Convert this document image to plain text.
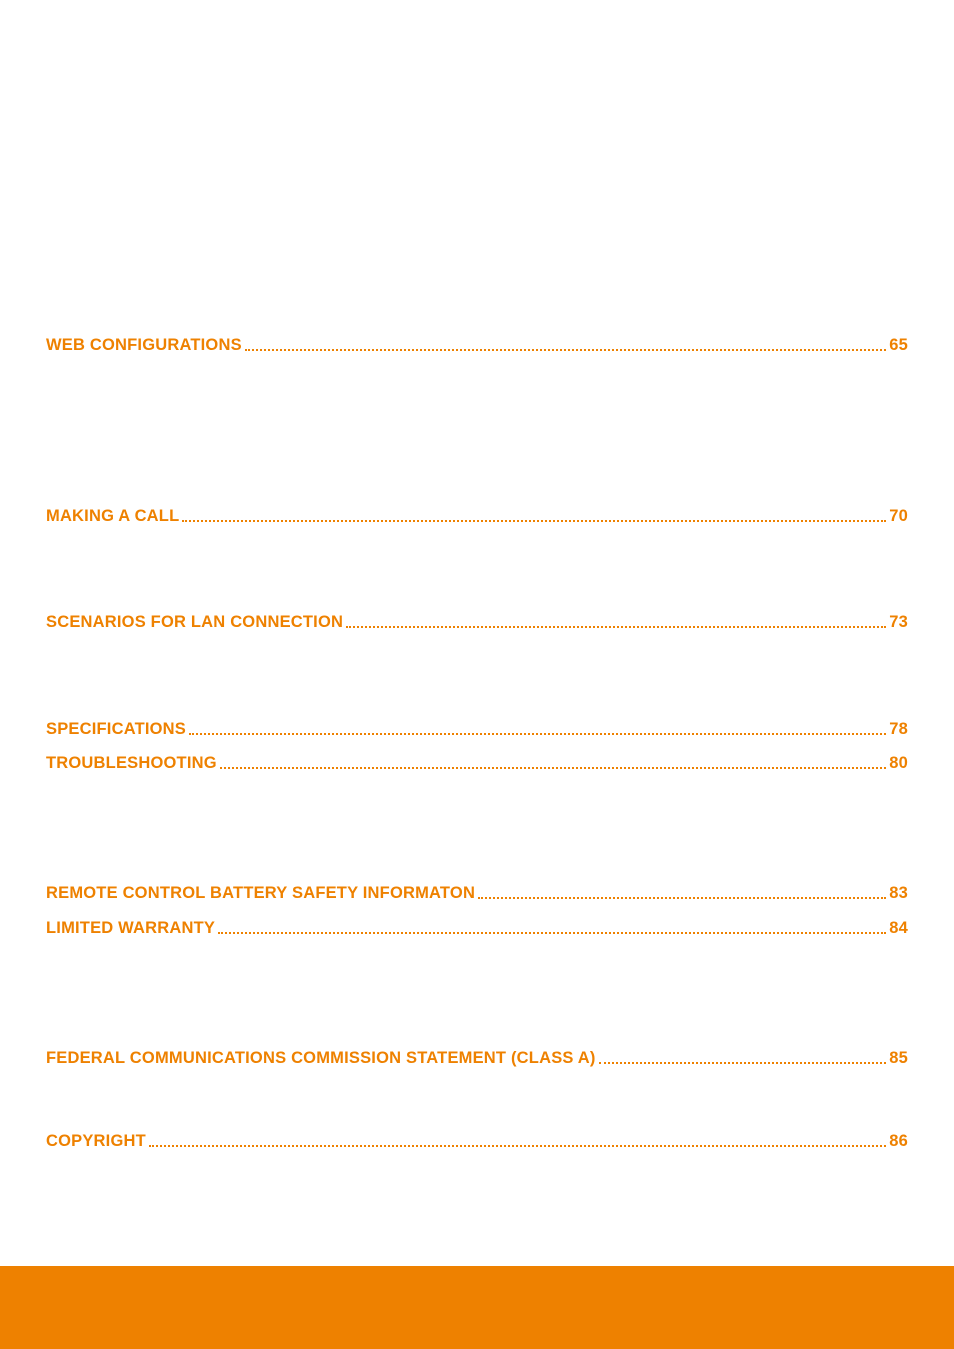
WEB CONFIGURATIONS	65
MAKING A CALL	70
SCENARIOS FOR LAN CONNECTION	73
SPECIFICATIONS	78
TROUBLESHOOTING	80
REMOTE CONTROL BATTERY SAFETY INFORMATON	83
LIMITED WARRANTY	84
FEDERAL COMMUNICATIONS COMMISSION STATEMENT (CLASS A)	85
COPYRIGHT	86
